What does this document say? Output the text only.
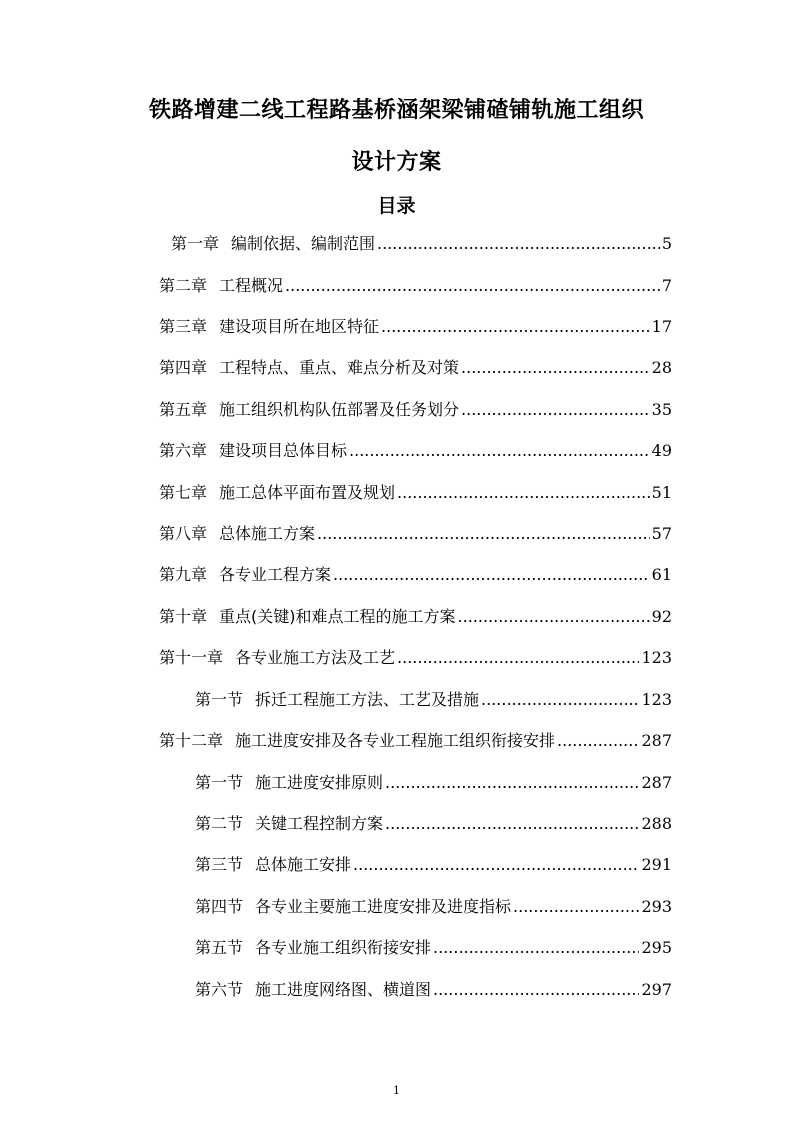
铁路增建二线工程路基桥涵架梁铺碴铺轨施工组织
设计方案
目录
第一章 编制依据、编制范围 .....	5
第二章 工程概况 .....	7
第三章 建设项目所在地区特征 .....	17
第四章 工程特点、重点、难点分析及对策 .....	28
第五章 施工组织机构队伍部署及任务划分 .....	35
第六章 建设项目总体目标 .....	49
第七章 施工总体平面布置及规划 .....	51
第八章 总体施工方案 .....	57
第九章 各专业工程方案 .....	61
第十章 重点(关键)和难点工程的施工方案 .....	92
第十一章 各专业施工方法及工艺 .....	123
第一节 拆迁工程施工方法、工艺及措施 .....	123
第十二章 施工进度安排及各专业工程施工组织衔接安排 .....	287
第一节 施工进度安排原则 .....	287
第二节 关键工程控制方案 .....	288
第三节 总体施工安排 .....	291
第四节 各专业主要施工进度安排及进度指标 .....	293
第五节 各专业施工组织衔接安排 .....	295
第六节 施工进度网络图、横道图 .....	297
1
